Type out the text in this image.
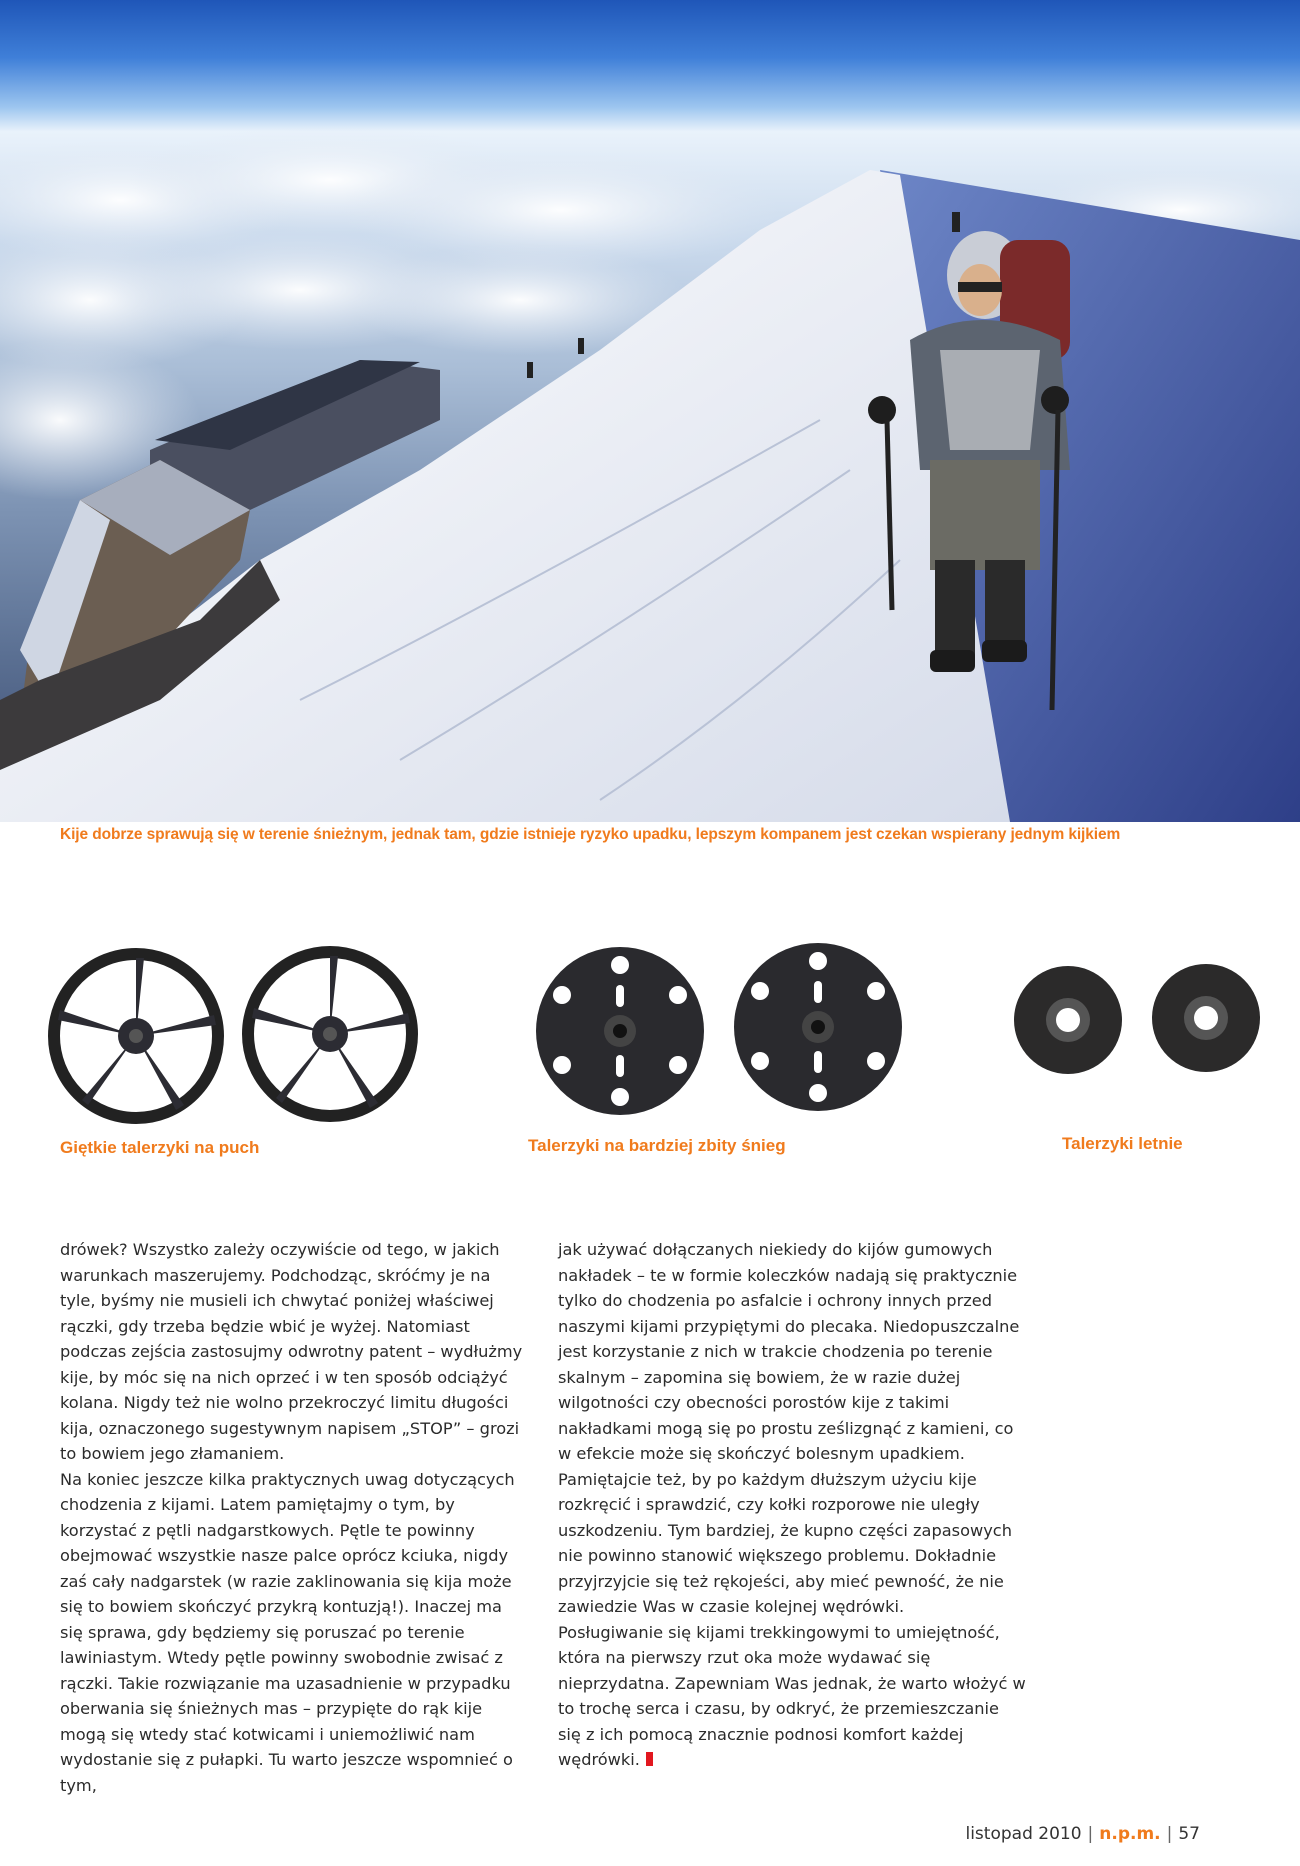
Kije dobrze sprawują się w terenie śnieżnym, jednak tam, gdzie istnieje ryzyko upadku, lepszym kompanem jest czekan wspierany jednym kijkiem
Giętkie talerzyki na puch	Talerzyki na bardziej zbity śnieg	Talerzyki letnie

drówek? Wszystko zależy oczywiście od tego, w jakich warunkach maszerujemy. Podchodząc, skróćmy je na tyle, byśmy nie musieli ich chwytać poniżej właściwej rączki, gdy trzeba będzie wbić je wyżej. Natomiast podczas zejścia zastosujmy odwrotny patent – wydłużmy kije, by móc się na nich oprzeć i w ten sposób odciążyć kolana. Nigdy też nie wolno przekroczyć limitu długości kija, oznaczonego sugestywnym napisem „STOP” – grozi to bowiem jego złamaniem.

Na koniec jeszcze kilka praktycznych uwag dotyczących chodzenia z kijami. Latem pamiętajmy o tym, by korzystać z pętli nadgarstkowych. Pętle te powinny obejmować wszystkie nasze palce oprócz kciuka, nigdy zaś cały nadgarstek (w razie zaklinowania się kija może się to bowiem skończyć przykrą kontuzją!). Inaczej ma się sprawa, gdy będziemy się poruszać po terenie lawiniastym. Wtedy pętle powinny swobodnie zwisać z rączki. Takie rozwiązanie ma uzasadnienie w przypadku oberwania się śnieżnych mas – przypięte do rąk kije mogą się wtedy stać kotwicami i uniemożliwić nam wydostanie się z pułapki. Tu warto jeszcze wspomnieć o tym,

jak używać dołączanych niekiedy do kijów gumowych nakładek – te w formie koleczków nadają się praktycznie tylko do chodzenia po asfalcie i ochrony innych przed naszymi kijami przypiętymi do plecaka. Niedopuszczalne jest korzystanie z nich w trakcie chodzenia po terenie skalnym – zapomina się bowiem, że w razie dużej wilgotności czy obecności porostów kije z takimi nakładkami mogą się po prostu ześlizgnąć z kamieni, co w efekcie może się skończyć bolesnym upadkiem. Pamiętajcie też, by po każdym dłuższym użyciu kije rozkręcić i sprawdzić, czy kołki rozporowe nie uległy uszkodzeniu. Tym bardziej, że kupno części zapasowych nie powinno stanowić większego problemu. Dokładnie przyjrzyjcie się też rękojeści, aby mieć pewność, że nie zawiedzie Was w czasie kolejnej wędrówki.

Posługiwanie się kijami trekkingowymi to umiejętność, która na pierwszy rzut oka może wydawać się nieprzydatna. Zapewniam Was jednak, że warto włożyć w to trochę serca i czasu, by odkryć, że przemieszczanie się z ich pomocą znacznie podnosi komfort każdej wędrówki.

listopad 2010 | n.p.m. | 57
